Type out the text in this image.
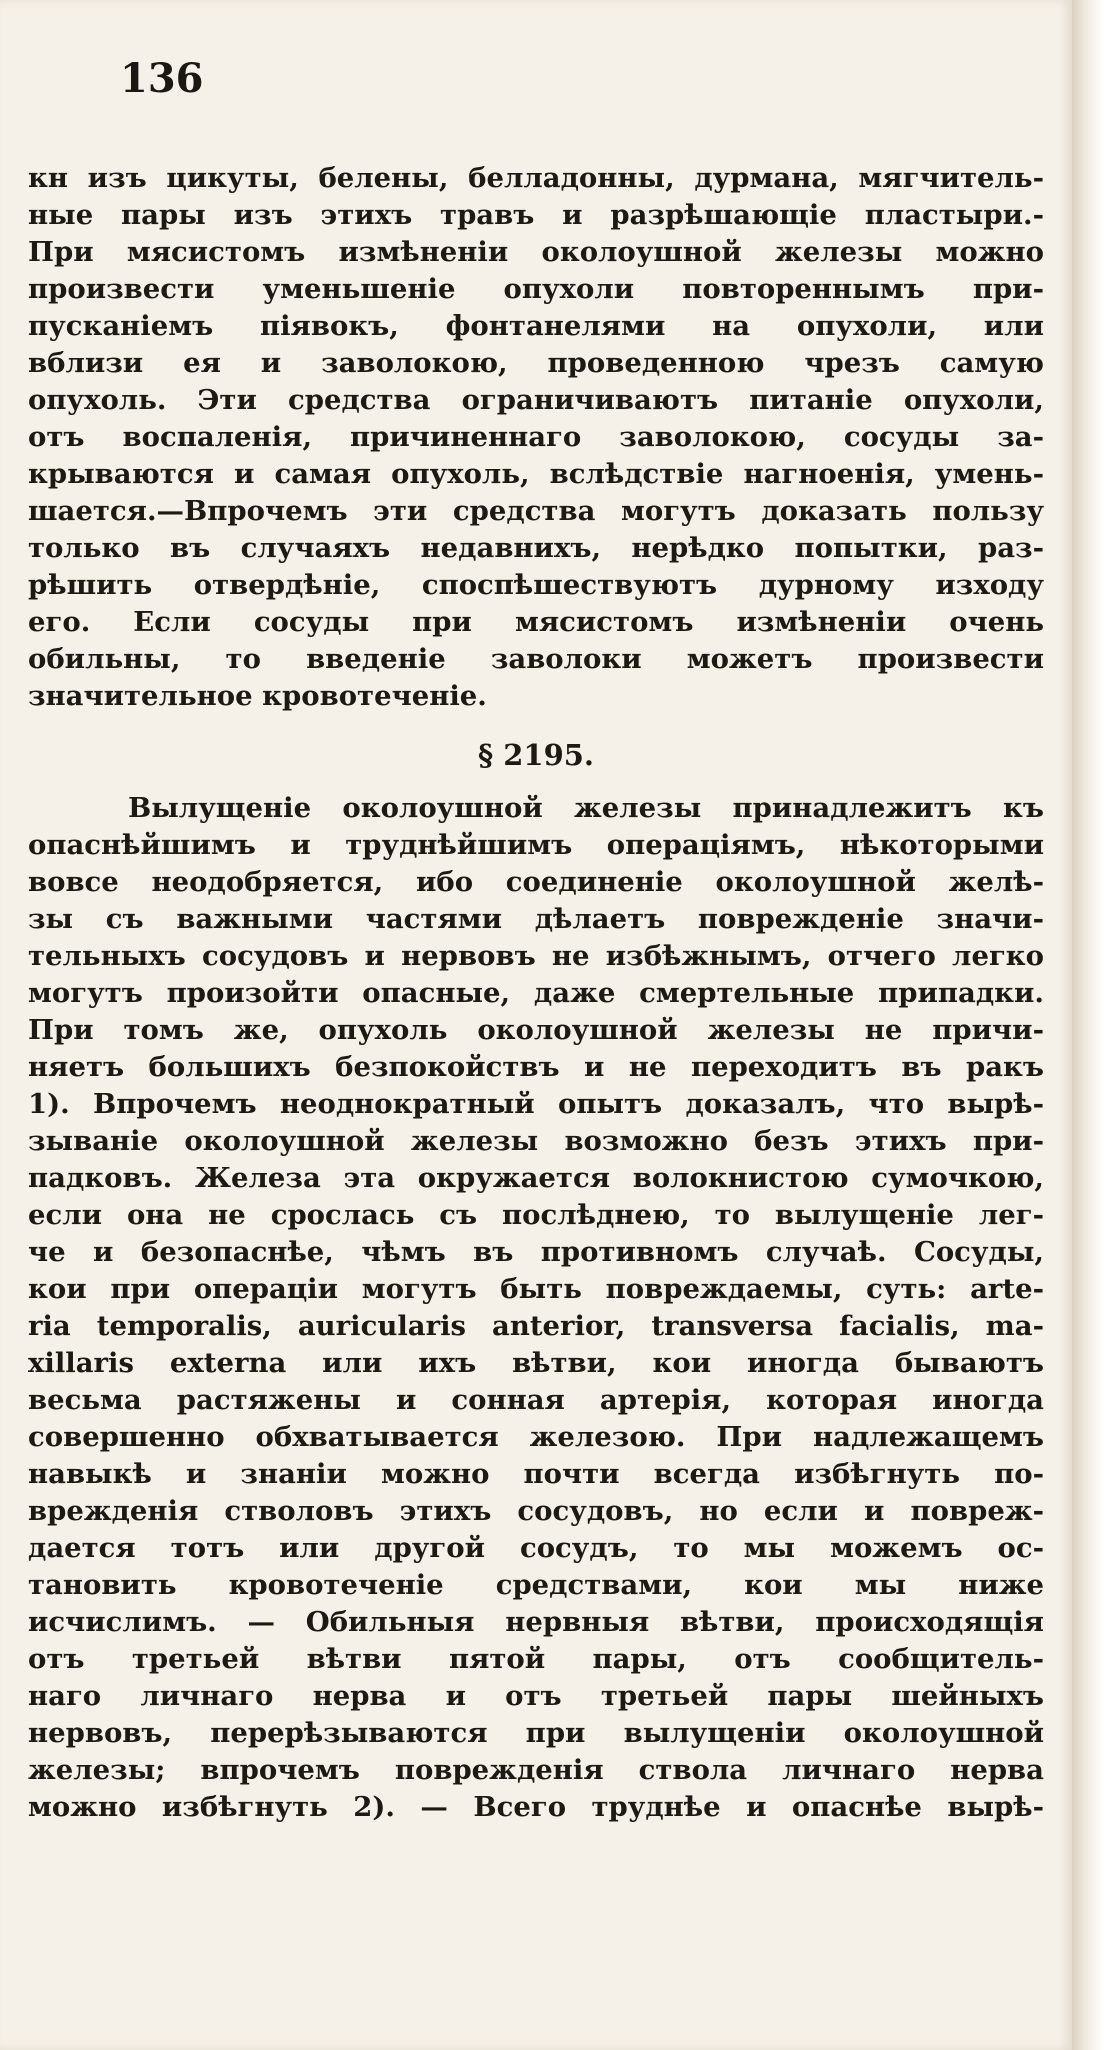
136
кн изъ цикуты, белены, белладонны, дурмана, мягчитель-
ные пары изъ этихъ травъ и разрѣшающіе пластыри.-
При мясистомъ измѣненіи околоушной железы можно
произвести уменьшеніе опухоли повтореннымъ при-
пусканіемъ піявокъ, фонтанелями на опухоли, или
вблизи ея и заволокою, проведенною чрезъ самую
опухоль. Эти средства ограничиваютъ питаніе опухоли,
отъ воспаленія, причиненнаго заволокою, сосуды за-
крываются и самая опухоль, вслѣдствіе нагноенія, умень-
шается.—Впрочемъ эти средства могутъ доказать пользу
только въ случаяхъ недавнихъ, нерѣдко попытки, раз-
рѣшить отвердѣніе, споспѣшествуютъ дурному изходу
его. Если сосуды при мясистомъ измѣненіи очень
обильны, то введеніе заволоки можетъ произвести
значительное кровотеченіе.
§ 2195.
Вылущеніе околоушной железы принадлежитъ къ
опаснѣйшимъ и труднѣйшимъ операціямъ, нѣкоторыми
вовсе неодобряется, ибо соединеніе околоушной желѣ-
зы съ важными частями дѣлаетъ поврежденіе значи-
тельныхъ сосудовъ и нервовъ не избѣжнымъ, отчего легко
могутъ произойти опасные, даже смертельные припадки.
При томъ же, опухоль околоушной железы не причи-
няетъ большихъ безпокойствъ и не переходитъ въ ракъ
1). Впрочемъ неоднократный опытъ доказалъ, что вырѣ-
зываніе околоушной железы возможно безъ этихъ при-
падковъ. Железа эта окружается волокнистою сумочкою,
если она не срослась съ послѣднею, то вылущеніе лег-
че и безопаснѣе, чѣмъ въ противномъ случаѣ. Сосуды,
кои при операціи могутъ быть повреждаемы, суть: arte-
ria temporalis, auricularis anterior, transversa facialis, ma-
xillaris externa или ихъ вѣтви, кои иногда бываютъ
весьма растяжены и сонная артерія, которая иногда
совершенно обхватывается железою. При надлежащемъ
навыкѣ и знаніи можно почти всегда избѣгнуть по-
врежденія стволовъ этихъ сосудовъ, но если и повреж-
дается тотъ или другой сосудъ, то мы можемъ ос-
тановить кровотеченіе средствами, кои мы ниже
исчислимъ. — Обильныя нервныя вѣтви, происходящія
отъ третьей вѣтви пятой пары, отъ сообщитель-
наго личнаго нерва и отъ третьей пары шейныхъ
нервовъ, перерѣзываются при вылущеніи околоушной
железы; впрочемъ поврежденія ствола личнаго нерва
можно избѣгнуть 2). — Всего труднѣе и опаснѣе вырѣ-
